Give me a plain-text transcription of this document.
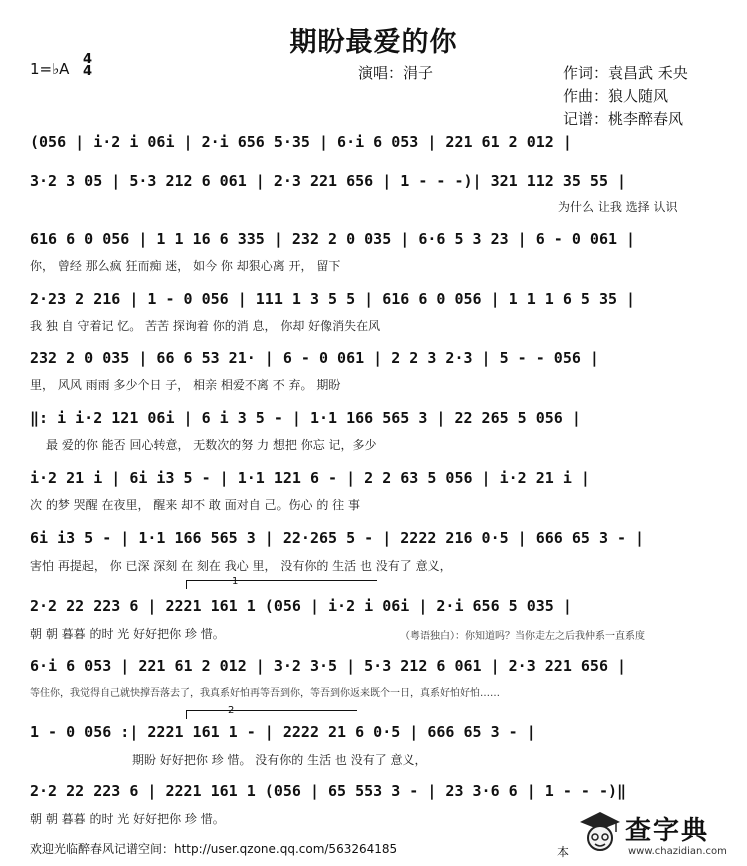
期盼最爱的你
1=♭A
4
4	演唱：涓子	作词：袁昌武 禾央
作曲：狼人随风
记谱：桃李醉春风
(056 | i·2 i 06i | 2·i 656 5·35 | 6·i 6 053 | 221 61 2 012 |
3·2 3 05 | 5·3 212 6 061 | 2·3 221 656 | 1 - - -)| 321 112 35 55 |
为什么 让我 选择 认识
616 6 0 056 | 1 1 16 6 335 | 232 2 0 035 | 6·6 5 3 23 | 6 - 0 061 |
你， 曾经 那么疯 狂而痴 迷， 如今 你 却狠心离 开， 留下
2·23 2 216 | 1 - 0 056 | 111 1 3 5 5 | 616 6 0 056 | 1 1 1 6 5 35 |
我 独 自 守着记 忆。 苦苦 探询着 你的消 息， 你却 好像消失在风
232 2 0 035 | 66 6 53 21· | 6 - 0 061 | 2 2 3 2·3 | 5 - - 056 |
里， 风风 雨雨 多少个日 子， 相亲 相爱不离 不 弃。 期盼
‖: i i·2 121 06i | 6 i 3 5 - | 1·1 166 565 3 | 22 265 5 056 |
最 爱的你 能否 回心转意， 无数次的努 力 想把 你忘 记，多少
i·2 21 i | 6i i3 5 - | 1·1 121 6 - | 2 2 63 5 056 | i·2 21 i |
次 的梦 哭醒 在夜里， 醒来 却不 敢 面对自 己。伤心 的 往 事
6i i3 5 - | 1·1 166 565 3 | 22·265 5 - | 2222 216 0·5 | 666 65 3 - |
害怕 再提起， 你 已深 深刻 在 刻在 我心 里， 没有你的 生活 也 没有了 意义，
1
2·2 22 223 6 | 2221 161 1 (056 | i·2 i 06i | 2·i 656 5 035 |
朝 朝 暮暮 的时 光 好好把你 珍 惜。	（粤语独白）：你知道吗？当你走左之后我仲系一直系度
6·i 6 053 | 221 61 2 012 | 3·2 3·5 | 5·3 212 6 061 | 2·3 221 656 |
等住你，我觉得自己就快撑吾落去了，我真系好怕再等吾到你，等吾到你返来既个一日，真系好怕好怕……
2
1 - 0 056 :| 2221 161 1 - | 2222 21 6 0·5 | 666 65 3 - |
期盼 好好把你 珍 惜。 没有你的 生活 也 没有了 意义，
2·2 22 223 6 | 2221 161 1 (056 | 65 553 3 - | 23 3·6 6 | 1 - - -)‖
朝 朝 暮暮 的时 光 好好把你 珍 惜。
欢迎光临醉春风记谱空间：http://user.qzone.qq.com/563264185	本
查字典
www.chazidian.com
